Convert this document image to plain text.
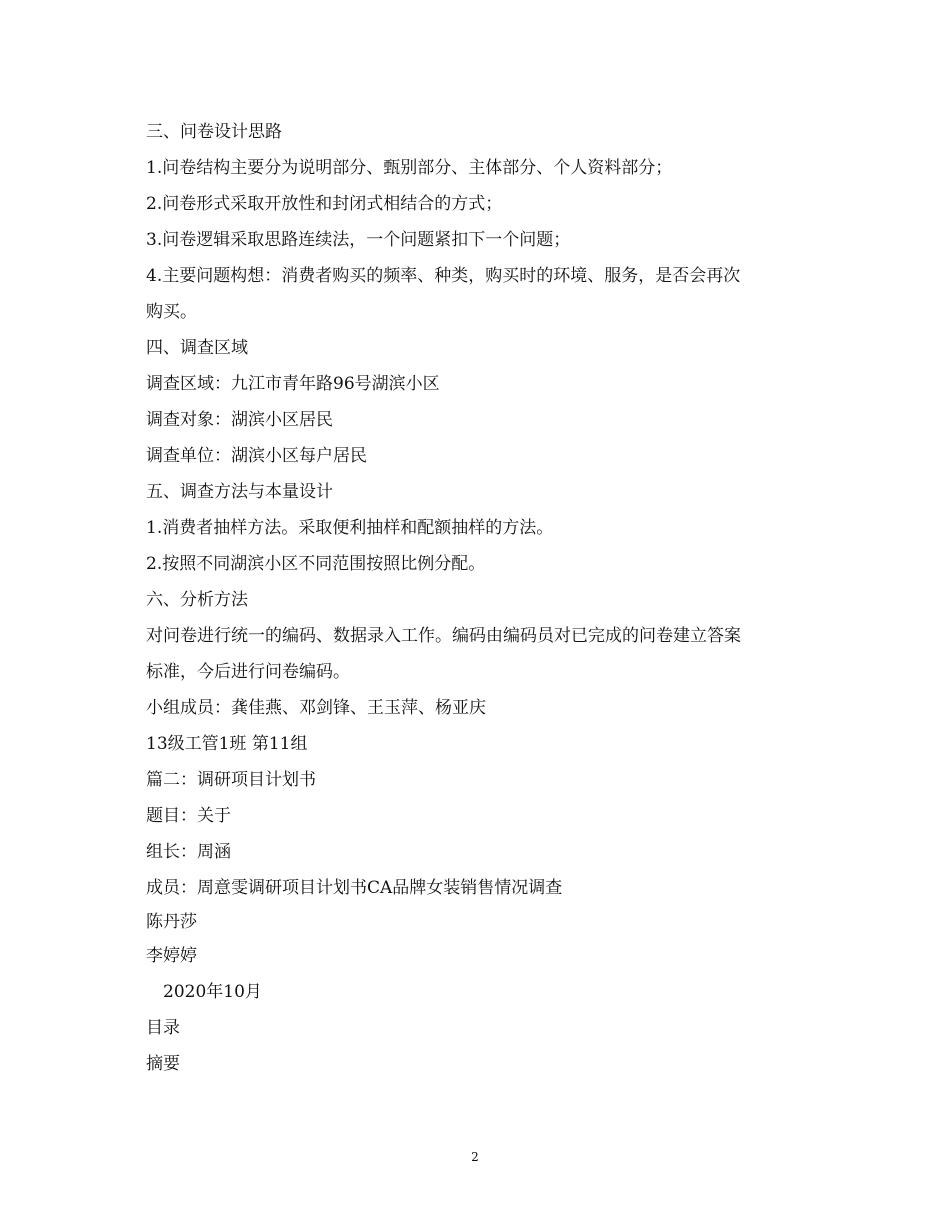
三、问卷设计思路

1.问卷结构主要分为说明部分、甄别部分、主体部分、个人资料部分；

2.问卷形式采取开放性和封闭式相结合的方式；

3.问卷逻辑采取思路连续法，一个问题紧扣下一个问题；

4.主要问题构想：消费者购买的频率、种类，购买时的环境、服务，是否会再次

购买。

四、调查区域

调查区域：九江市青年路96号湖滨小区

调查对象：湖滨小区居民

调查单位：湖滨小区每户居民

五、调查方法与本量设计

1.消费者抽样方法。采取便利抽样和配额抽样的方法。

2.按照不同湖滨小区不同范围按照比例分配。

六、分析方法

对问卷进行统一的编码、数据录入工作。编码由编码员对已完成的问卷建立答案

标准，今后进行问卷编码。

小组成员：龚佳燕、邓剑锋、王玉萍、杨亚庆

13级工管1班 第11组

篇二：调研项目计划书

题目：关于

组长：周涵

成员：周意雯调研项目计划书CA品牌女装销售情况调查

陈丹莎

李婷婷

2020年10月

目录

摘要

2
